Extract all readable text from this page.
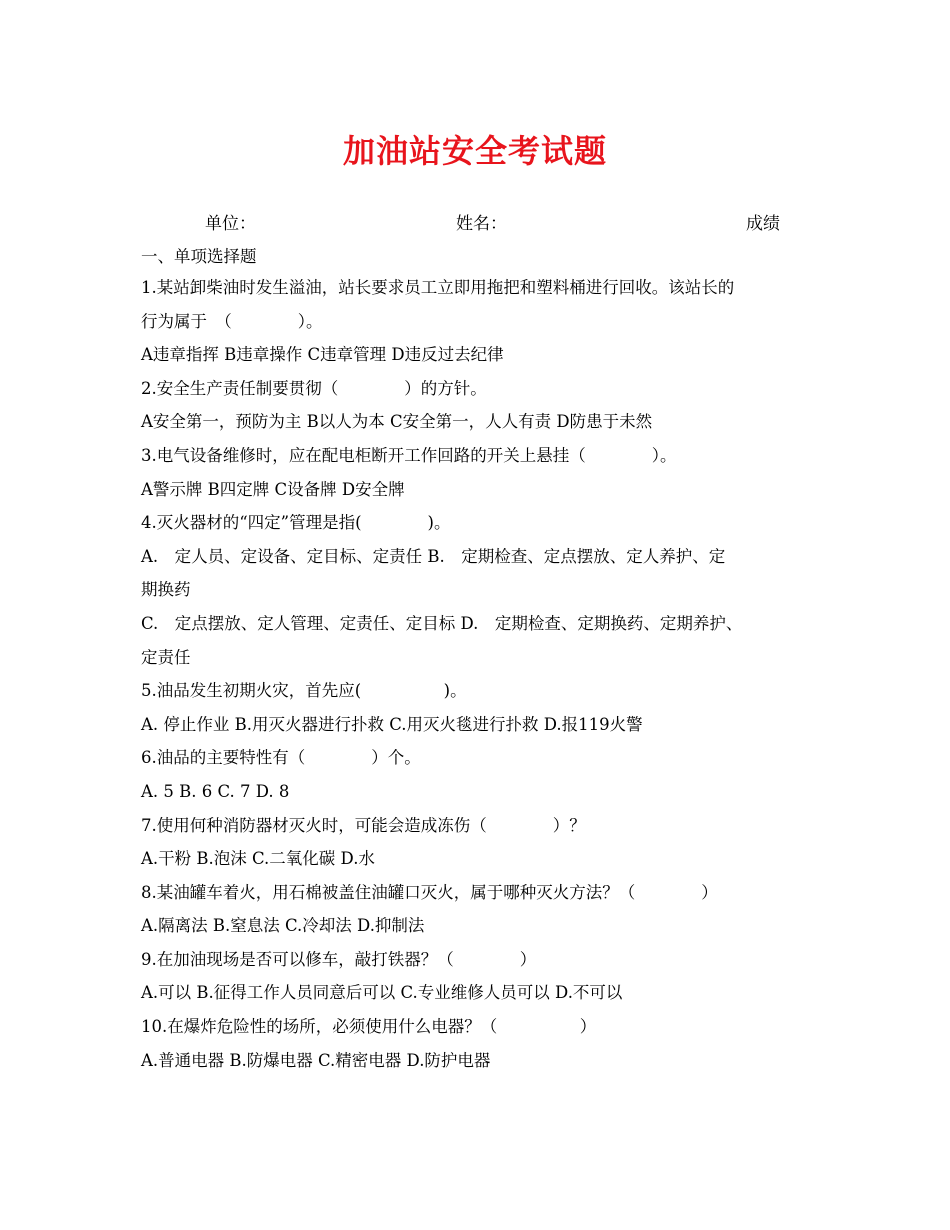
加油站安全考试题
单位：	姓名：	成绩
一、单项选择题
1.某站卸柴油时发生溢油，站长要求员工立即用拖把和塑料桶进行回收。该站长的
行为属于　（　　　　）。
A违章指挥 B违章操作 C违章管理 D违反过去纪律
2.安全生产责任制要贯彻（　　　　）的方针。
A安全第一，预防为主 B以人为本 C安全第一，人人有责 D防患于未然
3.电气设备维修时，应在配电柜断开工作回路的开关上悬挂（　　　　）。
A警示牌 B四定牌 C设备牌 D安全牌
4.灭火器材的“四定”管理是指(　　　　)。
A.　定人员、定设备、定目标、定责任 B.　定期检查、定点摆放、定人养护、定
期换药
C.　定点摆放、定人管理、定责任、定目标 D.　定期检查、定期换药、定期养护、
定责任
5.油品发生初期火灾，首先应(　　　　　)。
A. 停止作业 B.用灭火器进行扑救 C.用灭火毯进行扑救 D.报119火警
6.油品的主要特性有（　　　　）个。
A. 5 B. 6 C. 7 D. 8
7.使用何种消防器材灭火时，可能会造成冻伤（　　　　）？
A.干粉 B.泡沫 C.二氧化碳 D.水
8.某油罐车着火，用石棉被盖住油罐口灭火，属于哪种灭火方法？（　　　　）
A.隔离法 B.窒息法 C.冷却法 D.抑制法
9.在加油现场是否可以修车，敲打铁器？（　　　　）
A.可以 B.征得工作人员同意后可以 C.专业维修人员可以 D.不可以
10.在爆炸危险性的场所，必须使用什么电器？（　　　　　）
A.普通电器 B.防爆电器 C.精密电器 D.防护电器
